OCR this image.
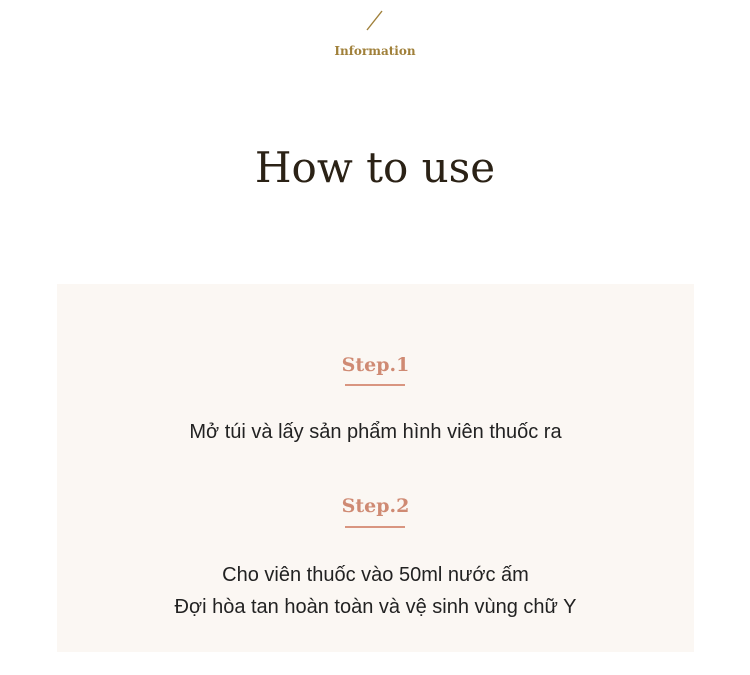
Information
How to use
Step.1
Mở túi và lấy sản phẩm hình viên thuốc ra
Step.2
Cho viên thuốc vào 50ml nước ấm
Đợi hòa tan hoàn toàn và vệ sinh vùng chữ Y
